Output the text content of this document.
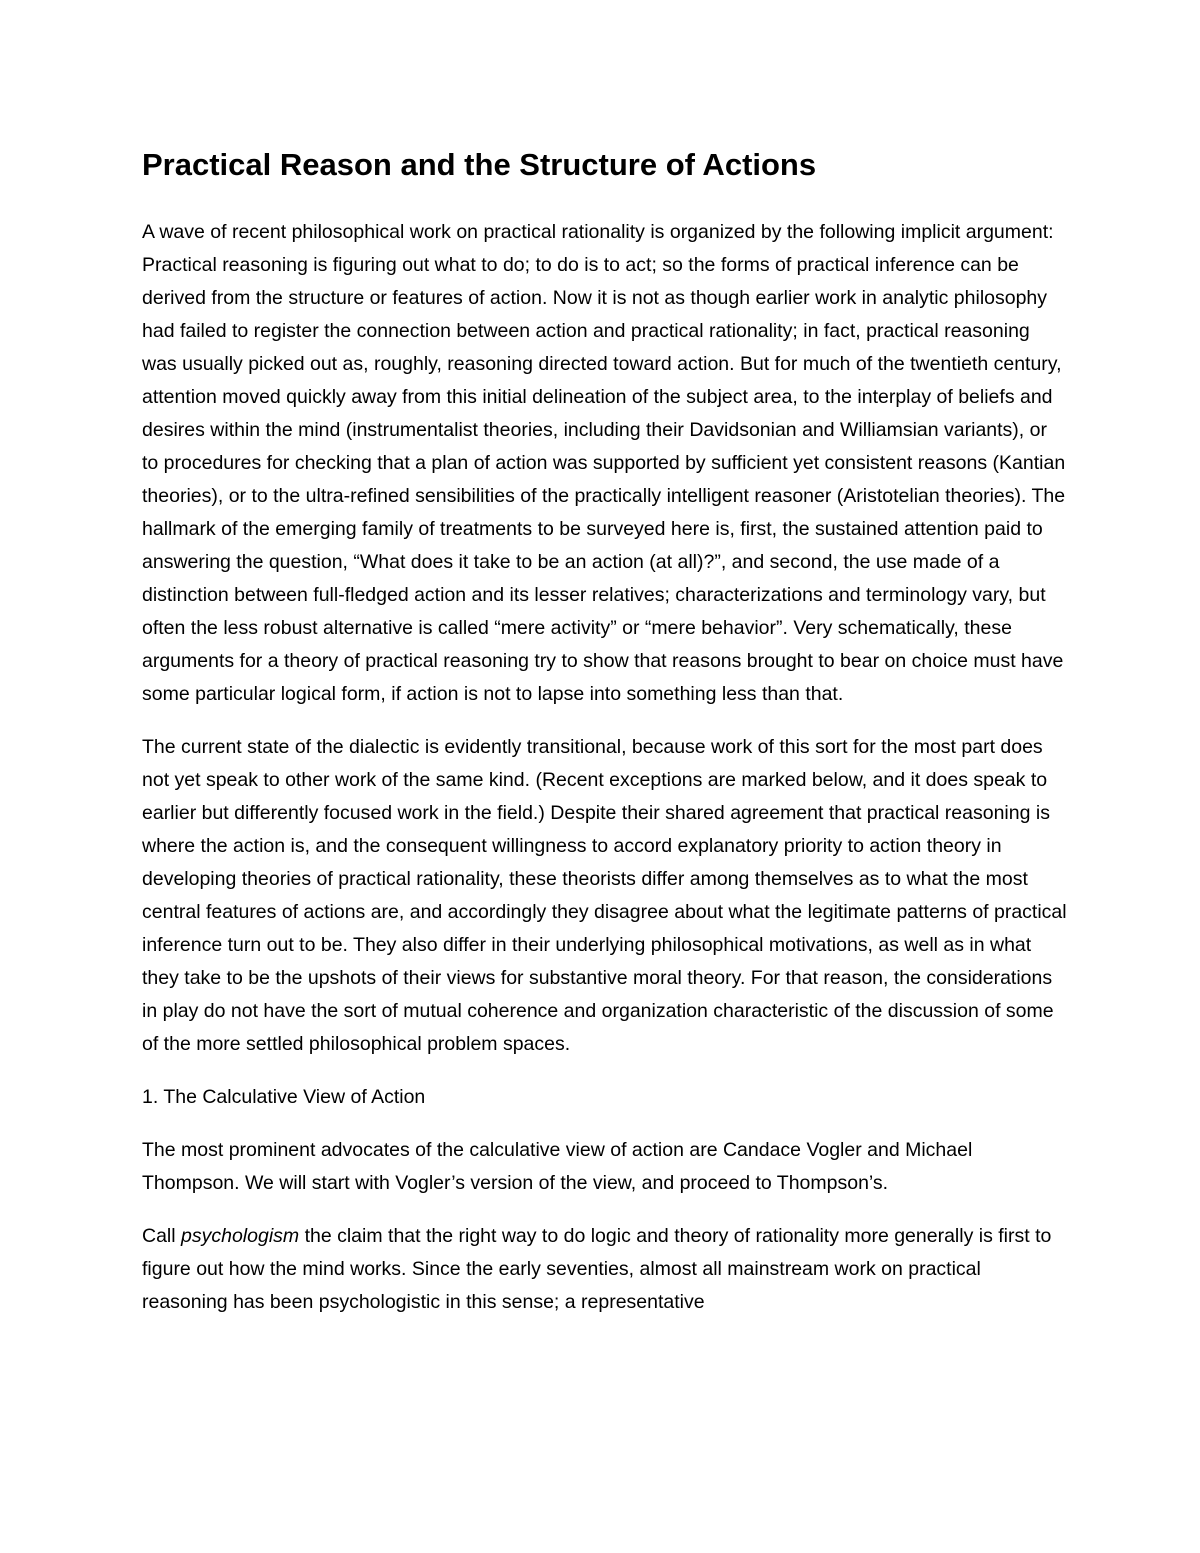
Practical Reason and the Structure of Actions

A wave of recent philosophical work on practical rationality is organized by the following implicit argument: Practical reasoning is figuring out what to do; to do is to act; so the forms of practical inference can be derived from the structure or features of action. Now it is not as though earlier work in analytic philosophy had failed to register the connection between action and practical rationality; in fact, practical reasoning was usually picked out as, roughly, reasoning directed toward action. But for much of the twentieth century, attention moved quickly away from this initial delineation of the subject area, to the interplay of beliefs and desires within the mind (instrumentalist theories, including their Davidsonian and Williamsian variants), or to procedures for checking that a plan of action was supported by sufficient yet consistent reasons (Kantian theories), or to the ultra-refined sensibilities of the practically intelligent reasoner (Aristotelian theories). The hallmark of the emerging family of treatments to be surveyed here is, first, the sustained attention paid to answering the question, “What does it take to be an action (at all)?”, and second, the use made of a distinction between full-fledged action and its lesser relatives; characterizations and terminology vary, but often the less robust alternative is called “mere activity” or “mere behavior”. Very schematically, these arguments for a theory of practical reasoning try to show that reasons brought to bear on choice must have some particular logical form, if action is not to lapse into something less than that.

The current state of the dialectic is evidently transitional, because work of this sort for the most part does not yet speak to other work of the same kind. (Recent exceptions are marked below, and it does speak to earlier but differently focused work in the field.) Despite their shared agreement that practical reasoning is where the action is, and the consequent willingness to accord explanatory priority to action theory in developing theories of practical rationality, these theorists differ among themselves as to what the most central features of actions are, and accordingly they disagree about what the legitimate patterns of practical inference turn out to be. They also differ in their underlying philosophical motivations, as well as in what they take to be the upshots of their views for substantive moral theory. For that reason, the considerations in play do not have the sort of mutual coherence and organization characteristic of the discussion of some of the more settled philosophical problem spaces.

1. The Calculative View of Action

The most prominent advocates of the calculative view of action are Candace Vogler and Michael Thompson. We will start with Vogler’s version of the view, and proceed to Thompson’s.

Call psychologism the claim that the right way to do logic and theory of rationality more generally is first to figure out how the mind works. Since the early seventies, almost all mainstream work on practical reasoning has been psychologistic in this sense; a representative
